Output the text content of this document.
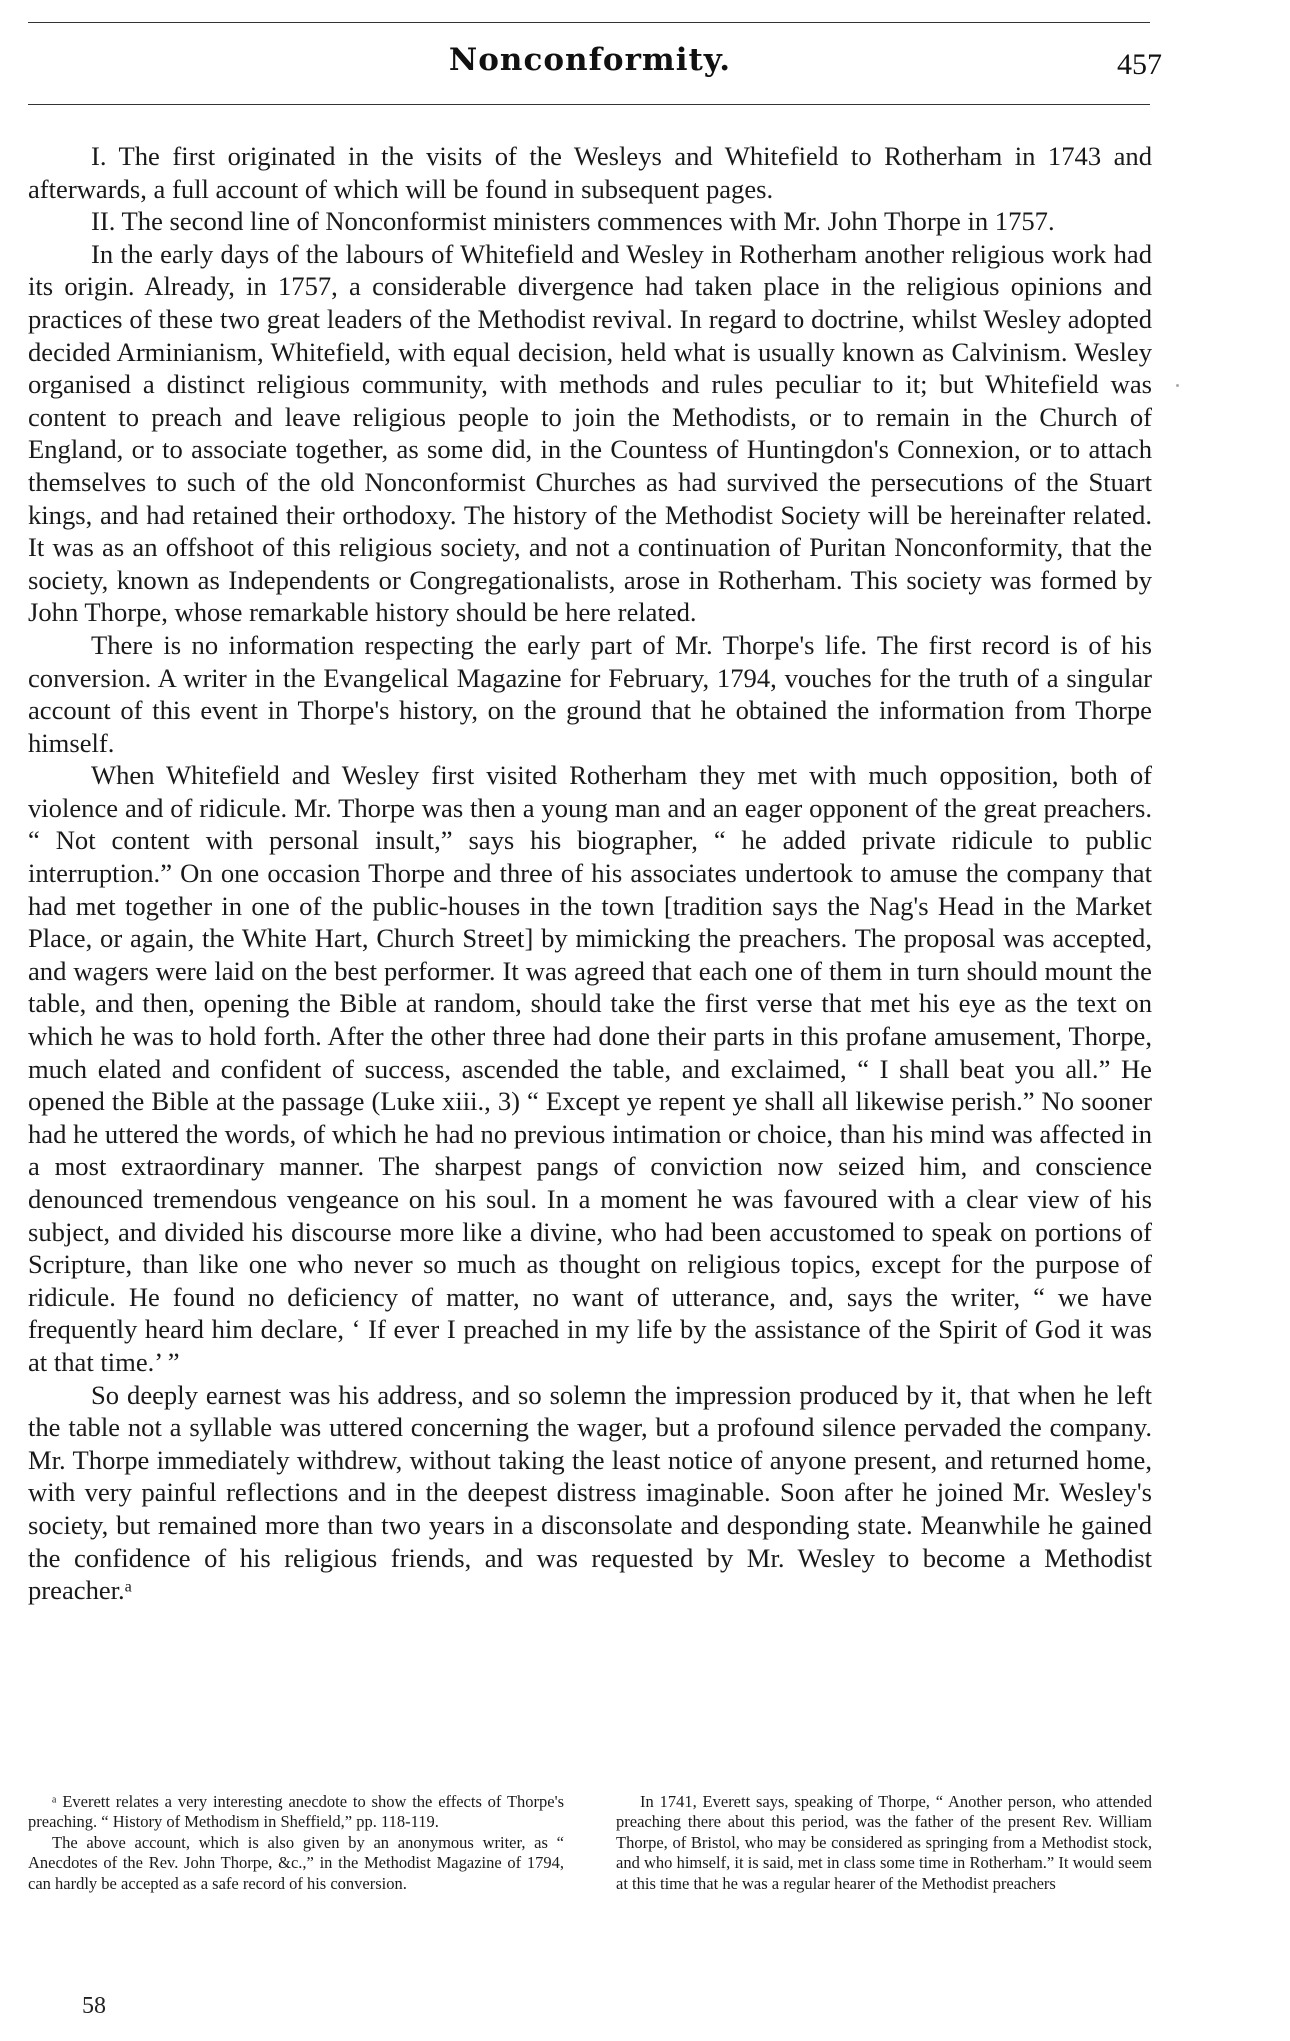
Nonconformity.	457

I. The first originated in the visits of the Wesleys and Whitefield to Rotherham in 1743 and afterwards, a full account of which will be found in subsequent pages.

II. The second line of Nonconformist ministers commences with Mr. John Thorpe in 1757.

In the early days of the labours of Whitefield and Wesley in Rotherham another religious work had its origin. Already, in 1757, a considerable divergence had taken place in the religious opinions and practices of these two great leaders of the Methodist revival. In regard to doctrine, whilst Wesley adopted decided Arminianism, Whitefield, with equal decision, held what is usually known as Calvinism. Wesley organised a distinct religious community, with methods and rules peculiar to it; but Whitefield was content to preach and leave religious people to join the Methodists, or to remain in the Church of England, or to associate together, as some did, in the Countess of Huntingdon's Connexion, or to attach themselves to such of the old Nonconformist Churches as had survived the persecutions of the Stuart kings, and had retained their orthodoxy. The history of the Methodist Society will be hereinafter related. It was as an offshoot of this religious society, and not a continuation of Puritan Nonconformity, that the society, known as Independents or Congregationalists, arose in Rotherham. This society was formed by John Thorpe, whose remarkable history should be here related.

There is no information respecting the early part of Mr. Thorpe's life. The first record is of his conversion. A writer in the Evangelical Magazine for February, 1794, vouches for the truth of a singular account of this event in Thorpe's history, on the ground that he obtained the information from Thorpe himself.

When Whitefield and Wesley first visited Rotherham they met with much opposition, both of violence and of ridicule. Mr. Thorpe was then a young man and an eager opponent of the great preachers. “ Not content with personal insult,” says his biographer, “ he added private ridicule to public interruption.” On one occasion Thorpe and three of his associates undertook to amuse the company that had met together in one of the public-houses in the town [tradition says the Nag's Head in the Market Place, or again, the White Hart, Church Street] by mimicking the preachers. The proposal was accepted, and wagers were laid on the best performer. It was agreed that each one of them in turn should mount the table, and then, opening the Bible at random, should take the first verse that met his eye as the text on which he was to hold forth. After the other three had done their parts in this profane amusement, Thorpe, much elated and confident of success, ascended the table, and exclaimed, “ I shall beat you all.” He opened the Bible at the passage (Luke xiii., 3) “ Except ye repent ye shall all likewise perish.” No sooner had he uttered the words, of which he had no previous intimation or choice, than his mind was affected in a most extraordinary manner. The sharpest pangs of conviction now seized him, and conscience denounced tremendous vengeance on his soul. In a moment he was favoured with a clear view of his subject, and divided his discourse more like a divine, who had been accustomed to speak on portions of Scripture, than like one who never so much as thought on religious topics, except for the purpose of ridicule. He found no deficiency of matter, no want of utterance, and, says the writer, “ we have frequently heard him declare, ‘ If ever I preached in my life by the assistance of the Spirit of God it was at that time.’ ”

So deeply earnest was his address, and so solemn the impression produced by it, that when he left the table not a syllable was uttered concerning the wager, but a profound silence pervaded the company. Mr. Thorpe immediately withdrew, without taking the least notice of anyone present, and returned home, with very painful reflections and in the deepest distress imaginable. Soon after he joined Mr. Wesley's society, but remained more than two years in a disconsolate and desponding state. Meanwhile he gained the confidence of his religious friends, and was requested by Mr. Wesley to become a Methodist preacher.ᵃ

ᵃ Everett relates a very interesting anecdote to show the effects of Thorpe's preaching. “ History of Methodism in Sheffield,” pp. 118-119.

The above account, which is also given by an anonymous writer, as “ Anecdotes of the Rev. John Thorpe, &c.,” in the Methodist Magazine of 1794, can hardly be accepted as a safe record of his conversion.

In 1741, Everett says, speaking of Thorpe, “ Another person, who attended preaching there about this period, was the father of the present Rev. William Thorpe, of Bristol, who may be considered as springing from a Methodist stock, and who himself, it is said, met in class some time in Rotherham.” It would seem at this time that he was a regular hearer of the Methodist preachers

58
